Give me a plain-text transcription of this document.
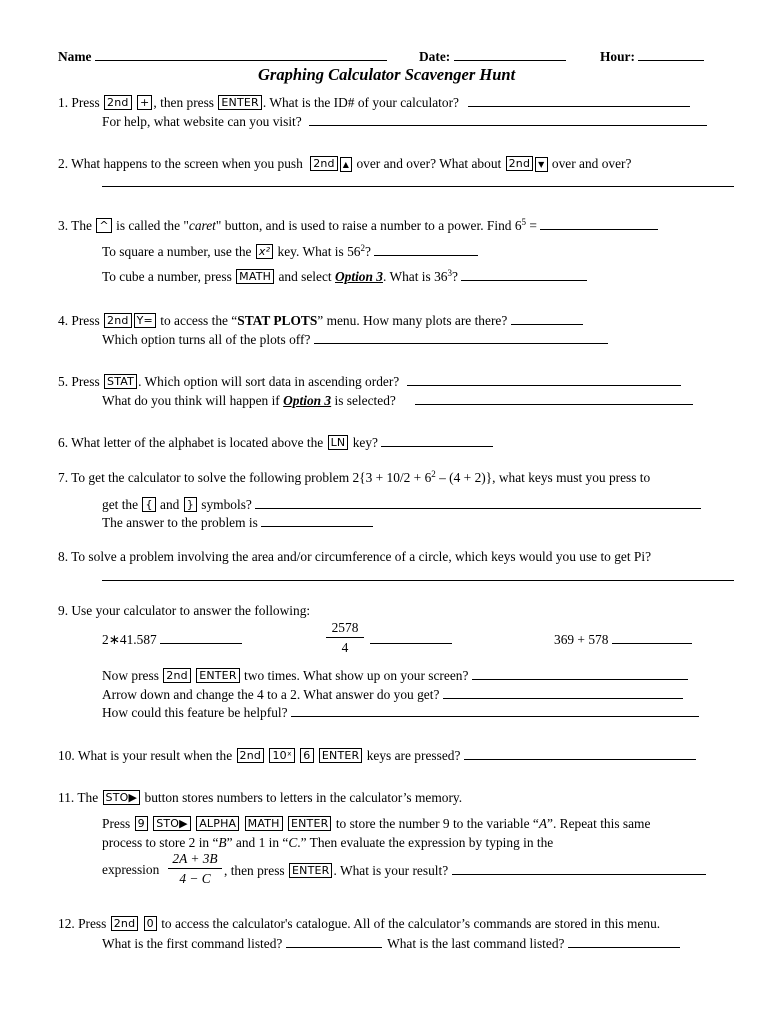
Name	Date:	Hour:
Graphing Calculator Scavenger Hunt
1. Press 2nd + , then press ENTER . What is the ID# of your calculator?
For help, what website can you visit?
2. What happens to the screen when you push 2nd ▲ over and over? What about 2nd ▼ over and over?
3. The ^ is called the "caret" button, and is used to raise a number to a power. Find $6^5$ =
To square a number, use the x² key. What is $56^2$?
To cube a number, press MATH and select Option 3. What is $36^3$?
4. Press 2nd Y= to access the “STAT PLOTS” menu. How many plots are there?
Which option turns all of the plots off?
5. Press STAT . Which option will sort data in ascending order?
What do you think will happen if Option 3 is selected?
6. What letter of the alphabet is located above the LN key?
7. To get the calculator to solve the following problem $2\{3 + 10/2 + 6^2 - (4 + 2)\}$, what keys must you press to
get the { and } symbols?
The answer to the problem is
8. To solve a problem involving the area and/or circumference of a circle, which keys would you use to get Pi?
9. Use your calculator to answer the following:
2∗41.587
2578
4
369 + 578
Now press 2nd ENTER two times. What show up on your screen?
Arrow down and change the 4 to a 2. What answer do you get?
How could this feature be helpful?
10. What is your result when the 2nd 10ˣ 6 ENTER keys are pressed?
11. The STO▶ button stores numbers to letters in the calculator’s memory.
Press 9 STO▶ ALPHA MATH ENTER to store the number 9 to the variable “A”. Repeat this same
process to store 2 in “B” and 1 in “C.” Then evaluate the expression by typing in the
expression
2A + 3B
4 − C
, then press ENTER . What is your result?
12. Press 2nd 0 to access the calculator's catalogue. All of the calculator’s commands are stored in this menu.
What is the first command listed?	What is the last command listed?
